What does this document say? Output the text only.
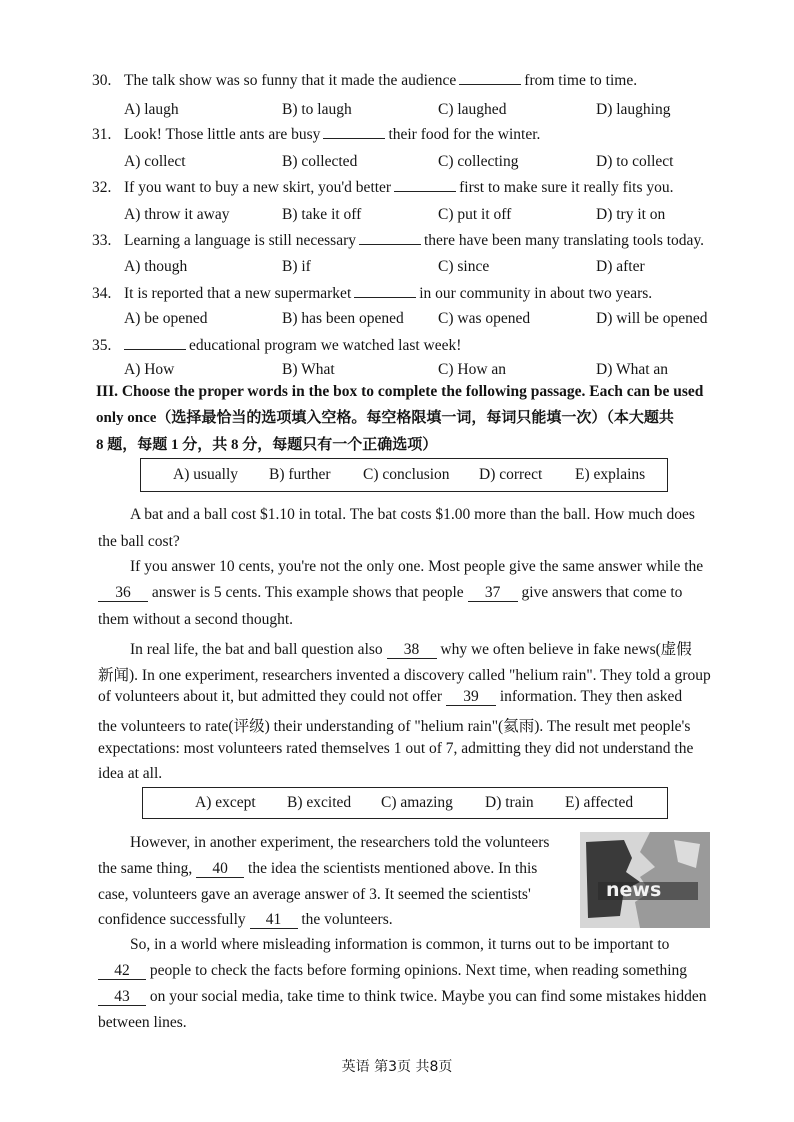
30. The talk show was so funny that it made the audience	from time to time.
A) laugh	B) to laugh	C) laughed	D) laughing
31. Look! Those little ants are busy	their food for the winter.
A) collect	B) collected	C) collecting	D) to collect
32. If you want to buy a new skirt, you'd better	first to make sure it really fits you.
A) throw it away	B) take it off	C) put it off	D) try it on
33. Learning a language is still necessary	there have been many translating tools today.
A) though	B) if	C) since	D) after
34. It is reported that a new supermarket	in our community in about two years.
A) be opened	B) has been opened C) was opened	D) will be opened
35.	educational program we watched last week!
A) How	B) What	C) How an	D) What an
III. Choose the proper words in the box to complete the following passage. Each can be used
only once（选择最恰当的选项填入空格。每空格限填一词，每词只能填一次）（本大题共
8 题，每题 1 分，共 8 分，每题只有一个正确选项）
A) usually B) further C) conclusion D) correct E) explains
A bat and a ball cost $1.10 in total. The bat costs $1.00 more than the ball. How much does
the ball cost?
If you answer 10 cents, you're not the only one. Most people give the same answer while the
36 answer is 5 cents. This example shows that people 37 give answers that come to
them without a second thought.
In real life, the bat and ball question also 38 why we often believe in fake news(虚假
新闻). In one experiment, researchers invented a discovery called "helium rain". They told a group
of volunteers about it, but admitted they could not offer 39 information. They then asked
the volunteers to rate(评级) their understanding of "helium rain"(氦雨). The result met people's
expectations: most volunteers rated themselves 1 out of 7, admitting they did not understand the
idea at all.
A) except B) excited C) amazing D) train E) affected
However, in another experiment, the researchers told the volunteers
the same thing, 40 the idea the scientists mentioned above. In this
case, volunteers gave an average answer of 3. It seemed the scientists'
confidence successfully 41 the volunteers.
news
So, in a world where misleading information is common, it turns out to be important to
42 people to check the facts before forming opinions. Next time, when reading something
43 on your social media, take time to think twice. Maybe you can find some mistakes hidden
between lines.
英语 第3页 共8页
